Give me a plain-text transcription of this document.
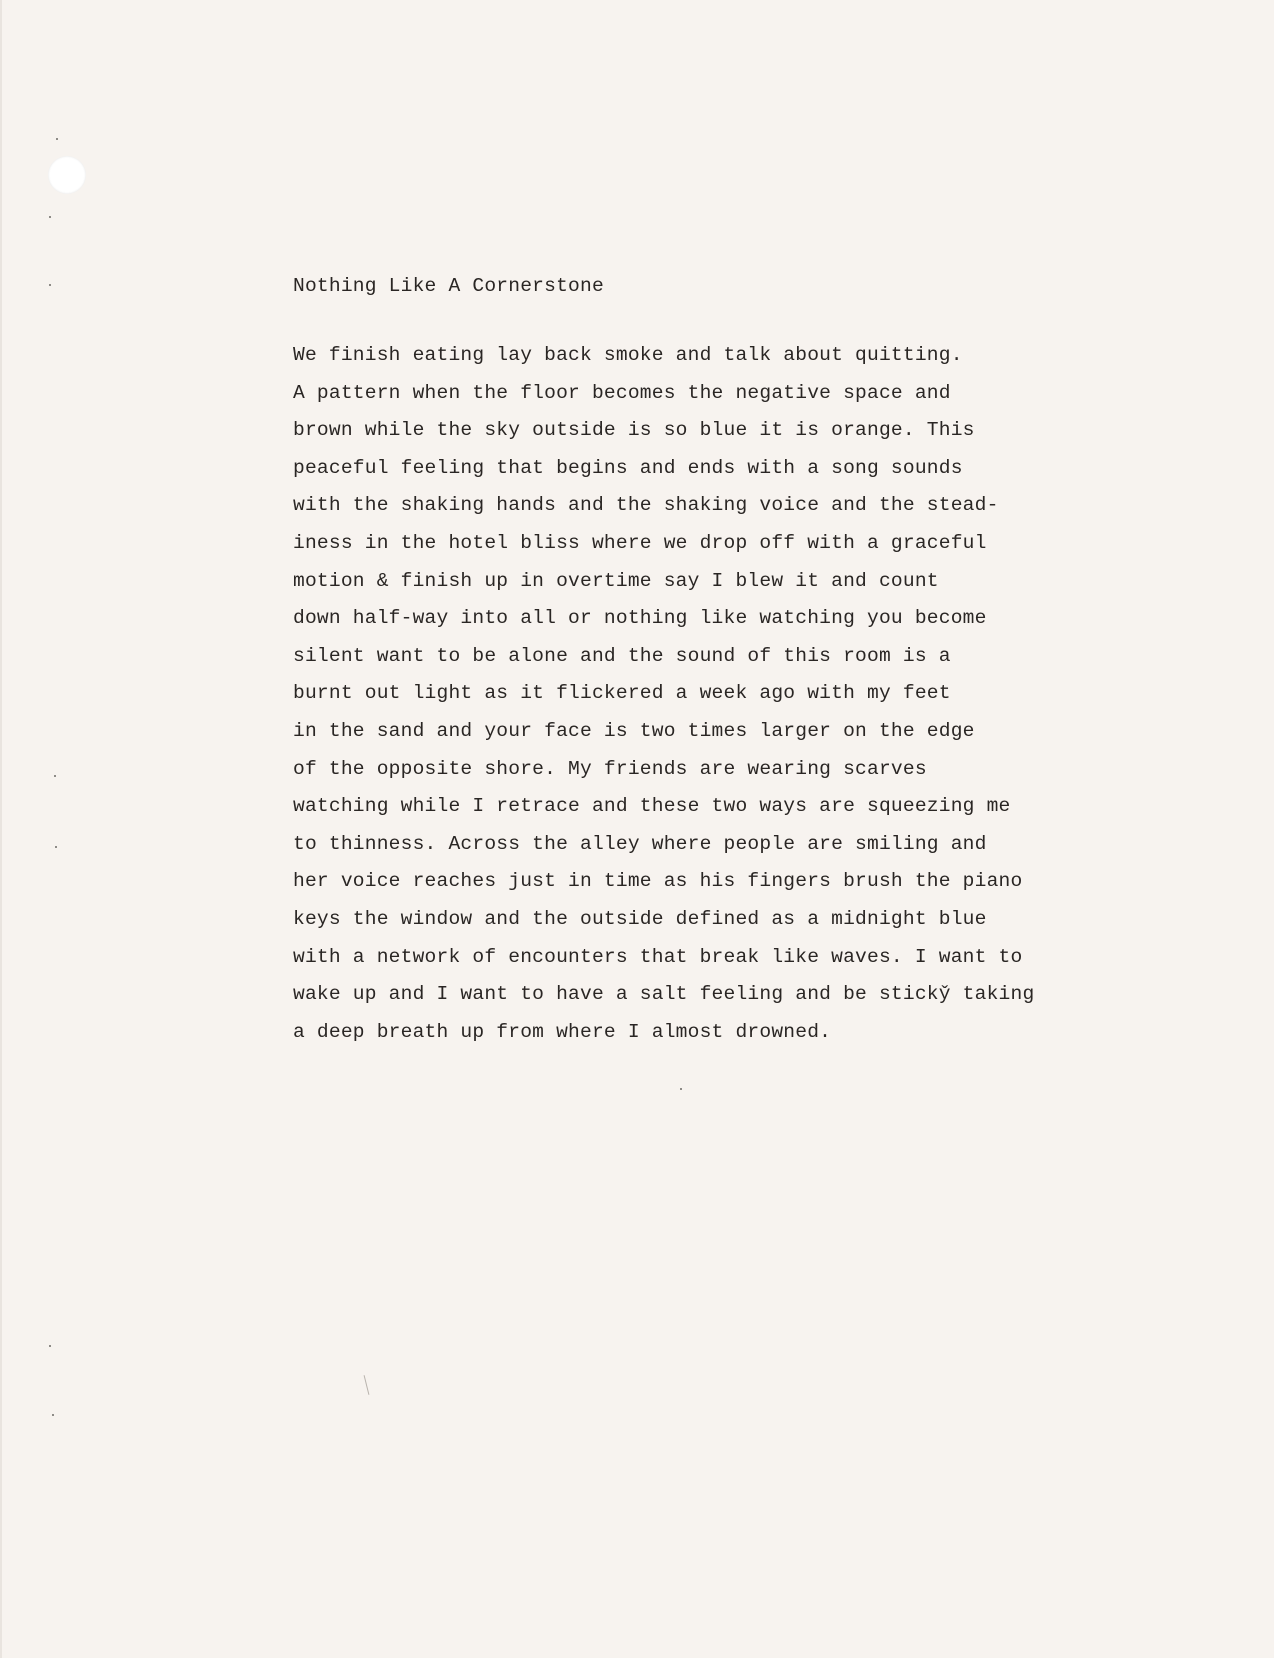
Nothing Like A Cornerstone
We finish eating lay back smoke and talk about quitting.
A pattern when the floor becomes the negative space and
brown while the sky outside is so blue it is orange. This
peaceful feeling that begins and ends with a song sounds
with the shaking hands and the shaking voice and the stead-
iness in the hotel bliss where we drop off with a graceful
motion & finish up in overtime say I blew it and count
down half-way into all or nothing like watching you become
silent want to be alone and the sound of this room is a
burnt out light as it flickered a week ago with my feet
in the sand and your face is two times larger on the edge
of the opposite shore. My friends are wearing scarves
watching while I retrace and these two ways are squeezing me
to thinness. Across the alley where people are smiling and
her voice reaches just in time as his fingers brush the piano
keys the window and the outside defined as a midnight blue
with a network of encounters that break like waves. I want to
wake up and I want to have a salt feeling and be sticky̌ taking
a deep breath up from where I almost drowned.
